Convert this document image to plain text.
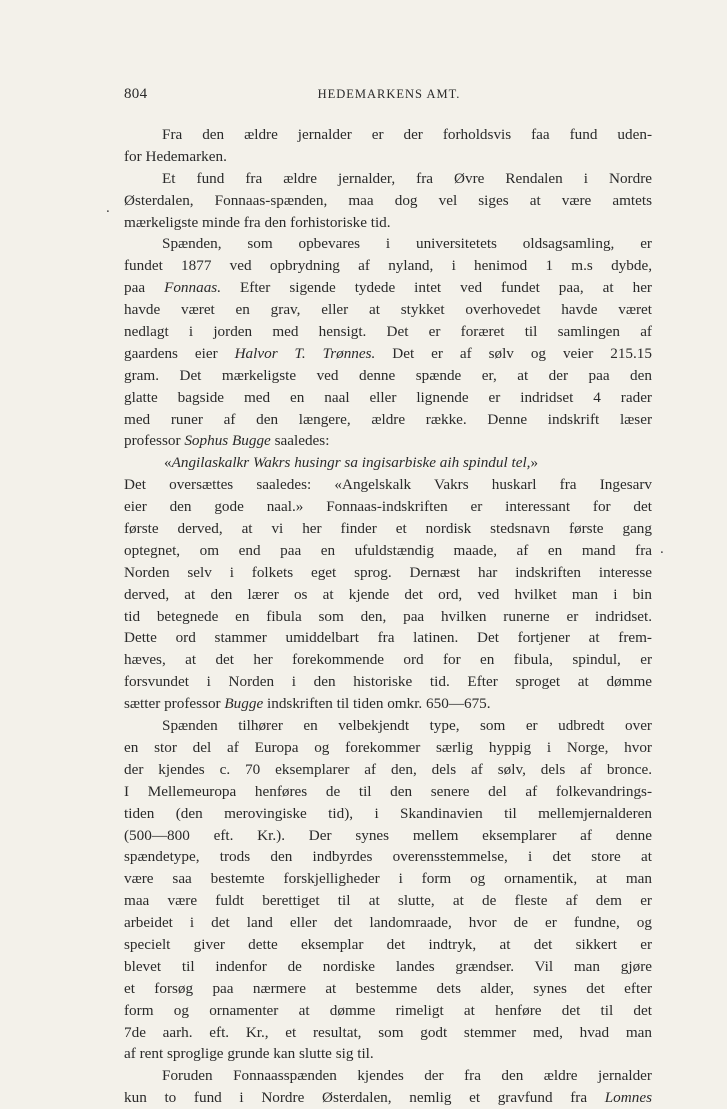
804	HEDEMARKENS AMT.
.
.
Fra den ældre jernalder er der forholdsvis faa fund uden-
for Hedemarken.
Et fund fra ældre jernalder, fra Øvre Rendalen i Nordre
Østerdalen, Fonnaas-spænden, maa dog vel siges at være amtets
mærkeligste minde fra den forhistoriske tid.
Spænden, som opbevares i universitetets oldsagsamling, er
fundet 1877 ved opbrydning af nyland, i henimod 1 m.s dybde,
paa Fonnaas. Efter sigende tydede intet ved fundet paa, at her
havde været en grav, eller at stykket overhovedet havde været
nedlagt i jorden med hensigt. Det er foræret til samlingen af
gaardens eier Halvor T. Trønnes. Det er af sølv og veier 215.15
gram. Det mærkeligste ved denne spænde er, at der paa den
glatte bagside med en naal eller lignende er indridset 4 rader
med runer af den længere, ældre række. Denne indskrift læser
professor Sophus Bugge saaledes:
«Angilaskalkr Wakrs husingr sa ingisarbiske aih spindul tel,»
Det oversættes saaledes: «Angelskalk Vakrs huskarl fra Ingesarv
eier den gode naal.» Fonnaas-indskriften er interessant for det
første derved, at vi her finder et nordisk stedsnavn første gang
optegnet, om end paa en ufuldstændig maade, af en mand fra
Norden selv i folkets eget sprog. Dernæst har indskriften interesse
derved, at den lærer os at kjende det ord, ved hvilket man i bin
tid betegnede en fibula som den, paa hvilken runerne er indridset.
Dette ord stammer umiddelbart fra latinen. Det fortjener at frem-
hæves, at det her forekommende ord for en fibula, spindul, er
forsvundet i Norden i den historiske tid. Efter sproget at dømme
sætter professor Bugge indskriften til tiden omkr. 650—675.
Spænden tilhører en velbekjendt type, som er udbredt over
en stor del af Europa og forekommer særlig hyppig i Norge, hvor
der kjendes c. 70 eksemplarer af den, dels af sølv, dels af bronce.
I Mellemeuropa henføres de til den senere del af folkevandrings-
tiden (den merovingiske tid), i Skandinavien til mellemjernalderen
(500—800 eft. Kr.). Der synes mellem eksemplarer af denne
spændetype, trods den indbyrdes overensstemmelse, i det store at
være saa bestemte forskjelligheder i form og ornamentik, at man
maa være fuldt berettiget til at slutte, at de fleste af dem er
arbeidet i det land eller det landomraade, hvor de er fundne, og
specielt giver dette eksemplar det indtryk, at det sikkert er
blevet til indenfor de nordiske landes grændser. Vil man gjøre
et forsøg paa nærmere at bestemme dets alder, synes det efter
form og ornamenter at dømme rimeligt at henføre det til det
7de aarh. eft. Kr., et resultat, som godt stemmer med, hvad man
af rent sproglige grunde kan slutte sig til.
Foruden Fonnaasspænden kjendes der fra den ældre jernalder
kun to fund i Nordre Østerdalen, nemlig et gravfund fra Lomnes
